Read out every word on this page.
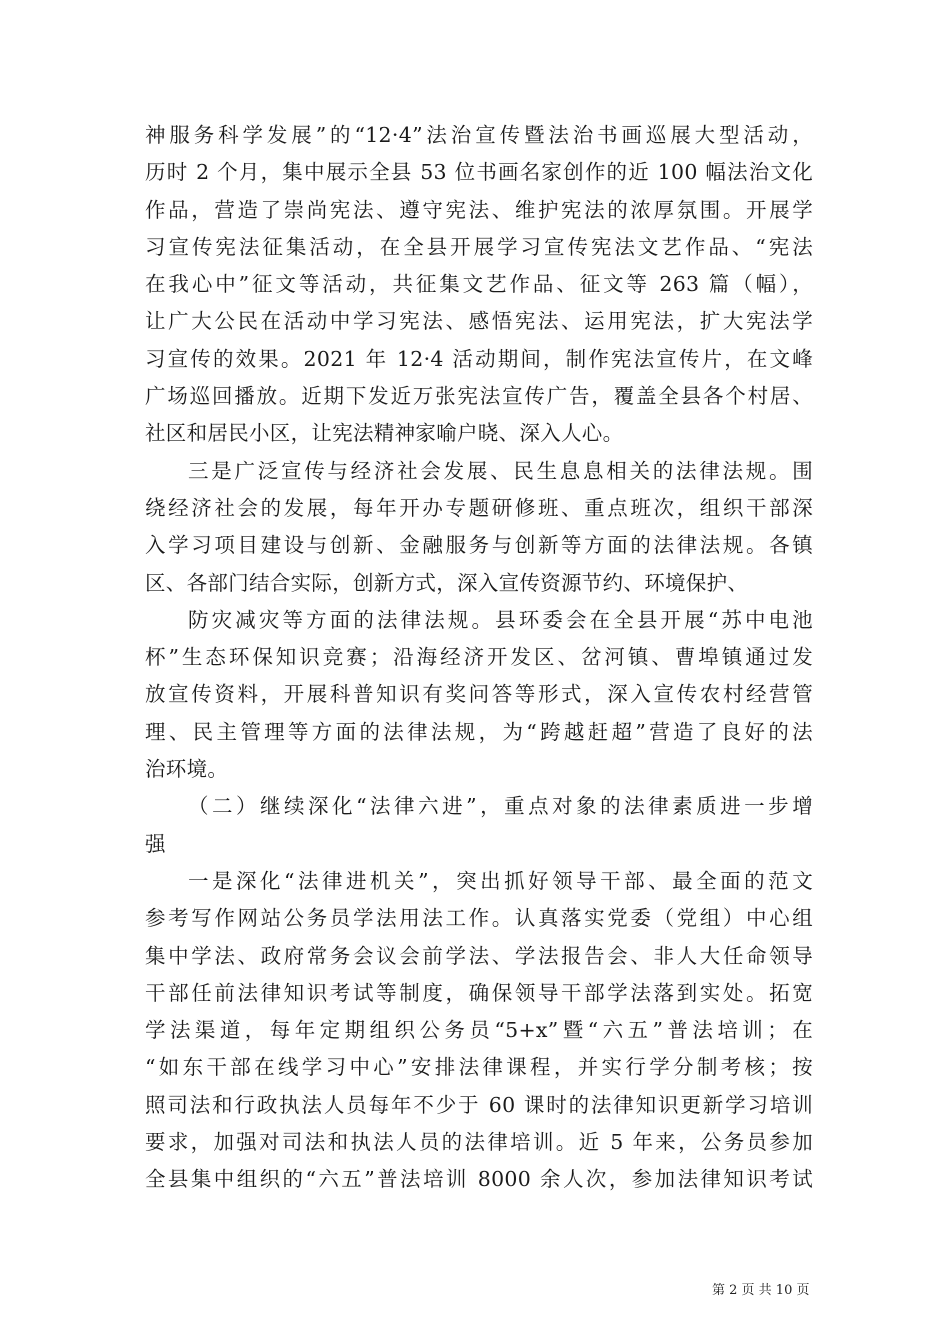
神服务科学发展”的“12·4”法治宣传暨法治书画巡展大型活动，
历时 2 个月，集中展示全县 53 位书画名家创作的近 100 幅法治文化
作品，营造了崇尚宪法、遵守宪法、维护宪法的浓厚氛围。开展学
习宣传宪法征集活动，在全县开展学习宣传宪法文艺作品、“宪法
在我心中”征文等活动，共征集文艺作品、征文等 263 篇（幅），
让广大公民在活动中学习宪法、感悟宪法、运用宪法，扩大宪法学
习宣传的效果。2021 年 12·4 活动期间，制作宪法宣传片，在文峰
广场巡回播放。近期下发近万张宪法宣传广告，覆盖全县各个村居、
社区和居民小区，让宪法精神家喻户晓、深入人心。
三是广泛宣传与经济社会发展、民生息息相关的法律法规。围
绕经济社会的发展，每年开办专题研修班、重点班次，组织干部深
入学习项目建设与创新、金融服务与创新等方面的法律法规。各镇
区、各部门结合实际，创新方式，深入宣传资源节约、环境保护、
防灾减灾等方面的法律法规。县环委会在全县开展“苏中电池
杯”生态环保知识竞赛；沿海经济开发区、岔河镇、曹埠镇通过发
放宣传资料，开展科普知识有奖问答等形式，深入宣传农村经营管
理、民主管理等方面的法律法规，为“跨越赶超”营造了良好的法
治环境。
（二）继续深化“法律六进”，重点对象的法律素质进一步增
强
一是深化“法律进机关”，突出抓好领导干部、最全面的范文
参考写作网站公务员学法用法工作。认真落实党委（党组）中心组
集中学法、政府常务会议会前学法、学法报告会、非人大任命领导
干部任前法律知识考试等制度，确保领导干部学法落到实处。拓宽
学法渠道，每年定期组织公务员“5+x”暨“六五”普法培训；在
“如东干部在线学习中心”安排法律课程，并实行学分制考核；按
照司法和行政执法人员每年不少于 60 课时的法律知识更新学习培训
要求，加强对司法和执法人员的法律培训。近 5 年来，公务员参加
全县集中组织的“六五”普法培训 8000 余人次，参加法律知识考试
第 2 页 共 10 页
